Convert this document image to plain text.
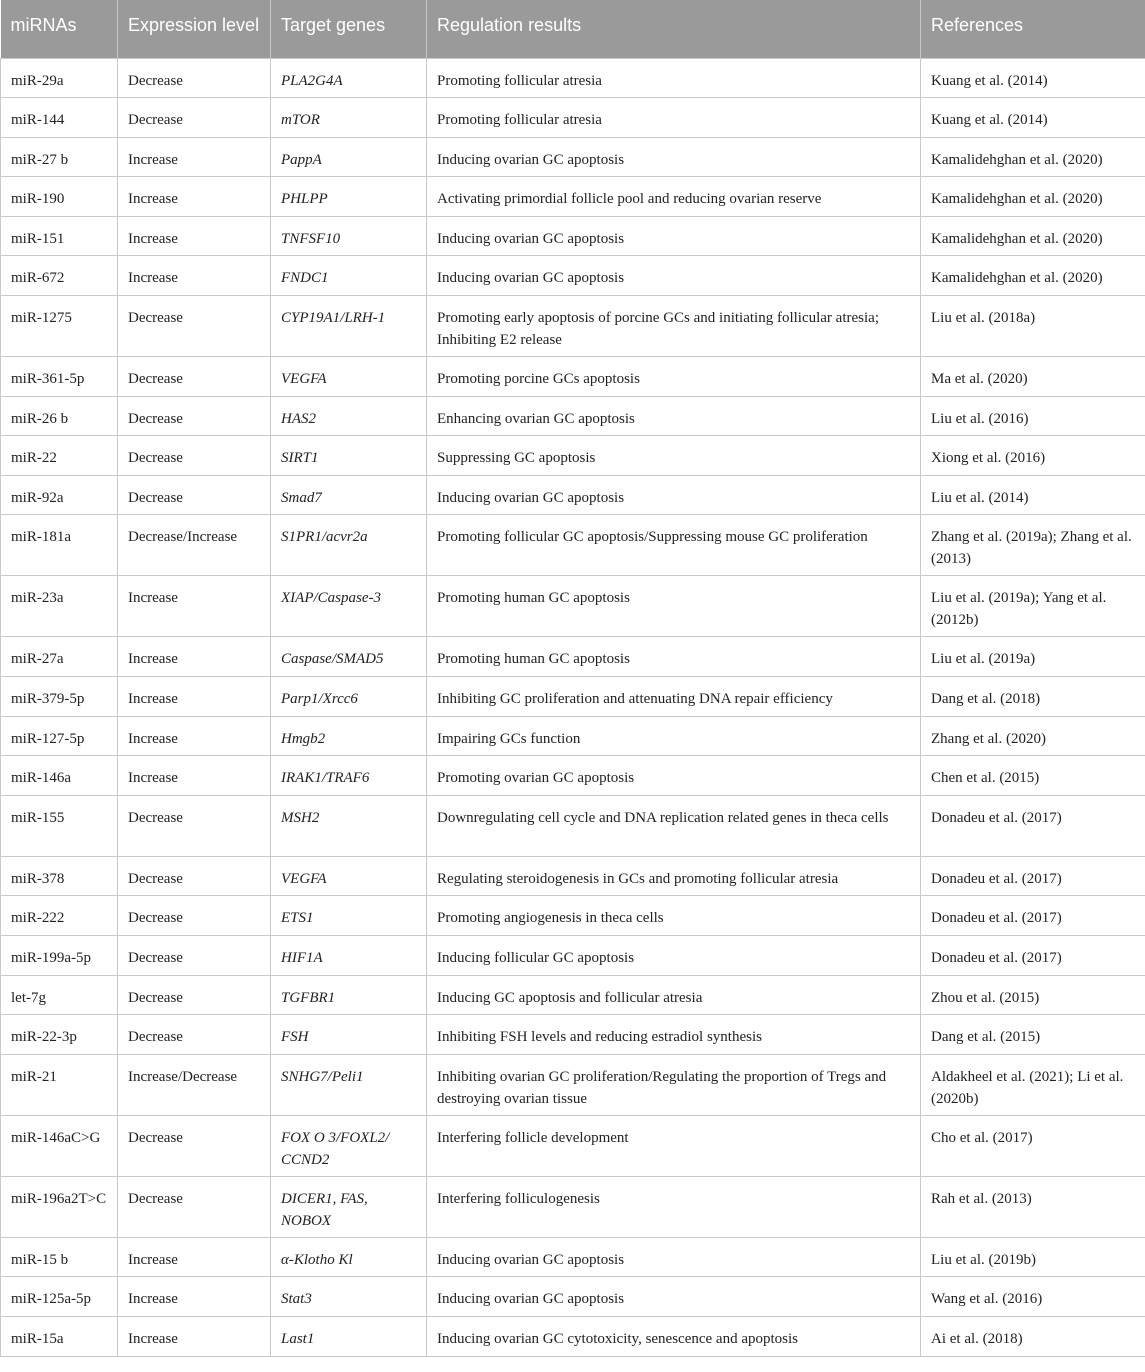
miRNAs	Expression level	Target genes	Regulation results	References
miR-29a	Decrease	PLA2G4A	Promoting follicular atresia	Kuang et al. (2014)
miR-144	Decrease	mTOR	Promoting follicular atresia	Kuang et al. (2014)
miR-27 b	Increase	PappA	Inducing ovarian GC apoptosis	Kamalidehghan et al. (2020)
miR-190	Increase	PHLPP	Activating primordial follicle pool and reducing ovarian reserve	Kamalidehghan et al. (2020)
miR-151	Increase	TNFSF10	Inducing ovarian GC apoptosis	Kamalidehghan et al. (2020)
miR-672	Increase	FNDC1	Inducing ovarian GC apoptosis	Kamalidehghan et al. (2020)
miR-1275	Decrease	CYP19A1/LRH-1	Promoting early apoptosis of porcine GCs and initiating follicular atresia; Inhibiting E2 release	Liu et al. (2018a)
miR-361-5p	Decrease	VEGFA	Promoting porcine GCs apoptosis	Ma et al. (2020)
miR-26 b	Decrease	HAS2	Enhancing ovarian GC apoptosis	Liu et al. (2016)
miR-22	Decrease	SIRT1	Suppressing GC apoptosis	Xiong et al. (2016)
miR-92a	Decrease	Smad7	Inducing ovarian GC apoptosis	Liu et al. (2014)
miR-181a	Decrease/Increase	S1PR1/acvr2a	Promoting follicular GC apoptosis/Suppressing mouse GC proliferation	Zhang et al. (2019a); Zhang et al. (2013)
miR-23a	Increase	XIAP/Caspase-3	Promoting human GC apoptosis	Liu et al. (2019a); Yang et al. (2012b)
miR-27a	Increase	Caspase/SMAD5	Promoting human GC apoptosis	Liu et al. (2019a)
miR-379-5p	Increase	Parp1/Xrcc6	Inhibiting GC proliferation and attenuating DNA repair efficiency	Dang et al. (2018)
miR-127-5p	Increase	Hmgb2	Impairing GCs function	Zhang et al. (2020)
miR-146a	Increase	IRAK1/TRAF6	Promoting ovarian GC apoptosis	Chen et al. (2015)
miR-155	Decrease	MSH2	Downregulating cell cycle and DNA replication related genes in theca cells	Donadeu et al. (2017)
miR-378	Decrease	VEGFA	Regulating steroidogenesis in GCs and promoting follicular atresia	Donadeu et al. (2017)
miR-222	Decrease	ETS1	Promoting angiogenesis in theca cells	Donadeu et al. (2017)
miR-199a-5p	Decrease	HIF1A	Inducing follicular GC apoptosis	Donadeu et al. (2017)
let-7g	Decrease	TGFBR1	Inducing GC apoptosis and follicular atresia	Zhou et al. (2015)
miR-22-3p	Decrease	FSH	Inhibiting FSH levels and reducing estradiol synthesis	Dang et al. (2015)
miR-21	Increase/Decrease	SNHG7/Peli1	Inhibiting ovarian GC proliferation/Regulating the proportion of Tregs and destroying ovarian tissue	Aldakheel et al. (2021); Li et al. (2020b)
miR-146aC>G	Decrease	FOX O 3/FOXL2/ CCND2	Interfering follicle development	Cho et al. (2017)
miR-196a2T>C	Decrease	DICER1, FAS, NOBOX	Interfering folliculogenesis	Rah et al. (2013)
miR-15 b	Increase	α-Klotho Kl	Inducing ovarian GC apoptosis	Liu et al. (2019b)
miR-125a-5p	Increase	Stat3	Inducing ovarian GC apoptosis	Wang et al. (2016)
miR-15a	Increase	Last1	Inducing ovarian GC cytotoxicity, senescence and apoptosis	Ai et al. (2018)
